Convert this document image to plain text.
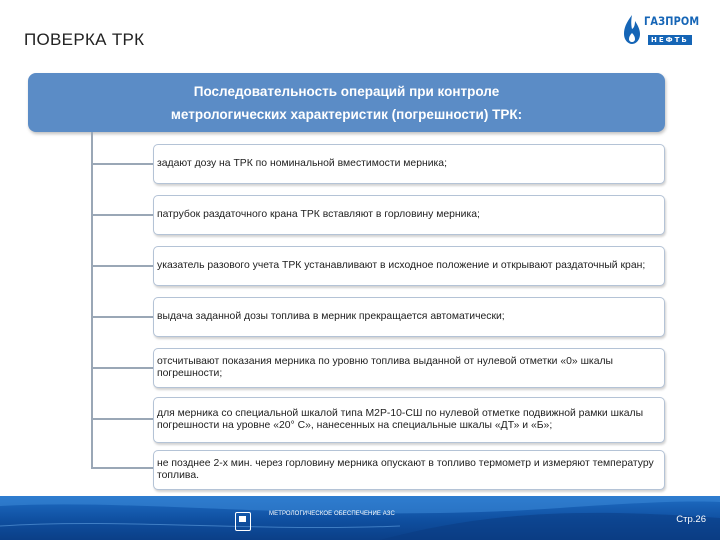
ПОВЕРКА ТРК
ГАЗПРОМ
НЕФТЬ
Последовательность операций при контроле
метрологических характеристик (погрешности) ТРК:
задают дозу на ТРК по номинальной вместимости мерника;
патрубок раздаточного крана ТРК вставляют в горловину мерника;
указатель разового учета ТРК устанавливают в исходное положение и открывают раздаточный кран;
выдача заданной дозы топлива в мерник прекращается автоматически;
отсчитывают показания мерника по уровню топлива выданной от нулевой отметки «0» шкалы погрешности;
для мерника со специальной шкалой типа М2Р-10-СШ по нулевой отметке подвижной рамки шкалы погрешности на уровне «20° С», нанесенных на специальные шкалы «ДТ» и «Б»;
не позднее 2-х мин. через горловину мерника опускают в топливо термометр и измеряют температуру топлива.
МЕТРОЛОГИЧЕСКОЕ ОБЕСПЕЧЕНИЕ АЗС	Стр.26
